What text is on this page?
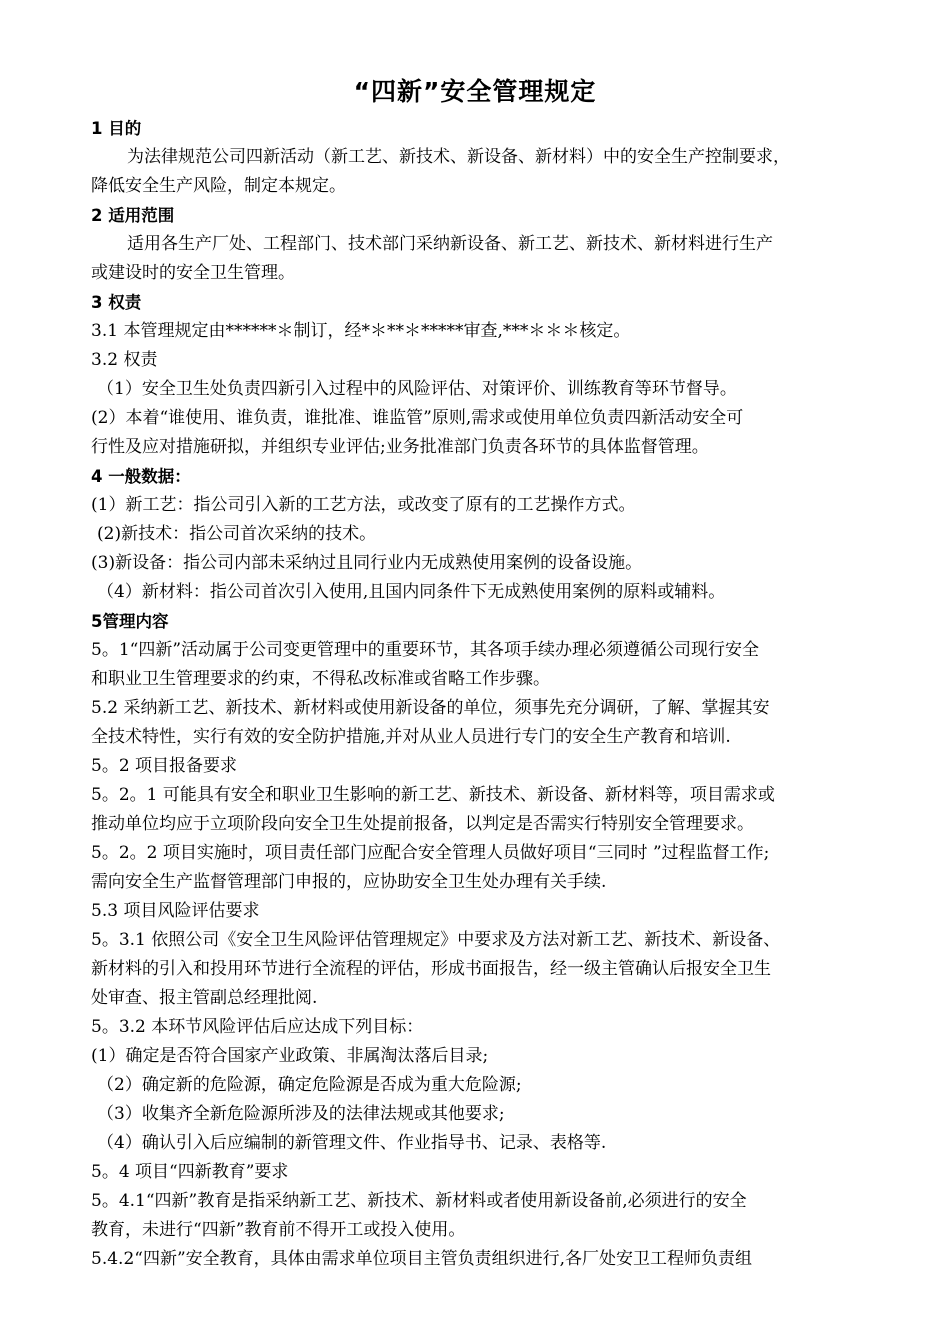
“四新”安全管理规定
1 目的
为法律规范公司四新活动（新工艺、新技术、新设备、新材料）中的安全生产控制要求，
降低安全生产风险，制定本规定。
2 适用范围
适用各生产厂处、工程部门、技术部门采纳新设备、新工艺、新技术、新材料进行生产
或建设时的安全卫生管理。
3 权责
3.1 本管理规定由******＊制订，经*＊**＊*****审查,***＊＊＊核定。
3.2 权责
（1）安全卫生处负责四新引入过程中的风险评估、对策评价、训练教育等环节督导。
(2）本着“谁使用、谁负责，谁批准、谁监管”原则,需求或使用单位负责四新活动安全可
行性及应对措施研拟，并组织专业评估;业务批准部门负责各环节的具体监督管理。
4 一般数据：
(1）新工艺：指公司引入新的工艺方法，或改变了原有的工艺操作方式。
(2)新技术：指公司首次采纳的技术。
(3)新设备：指公司内部未采纳过且同行业内无成熟使用案例的设备设施。
（4）新材料：指公司首次引入使用,且国内同条件下无成熟使用案例的原料或辅料。
5管理内容
5。1“四新”活动属于公司变更管理中的重要环节，其各项手续办理必须遵循公司现行安全
和职业卫生管理要求的约束，不得私改标准或省略工作步骤。
5.2 采纳新工艺、新技术、新材料或使用新设备的单位，须事先充分调研，了解、掌握其安
全技术特性，实行有效的安全防护措施,并对从业人员进行专门的安全生产教育和培训.
5。2 项目报备要求
5。2。1 可能具有安全和职业卫生影响的新工艺、新技术、新设备、新材料等，项目需求或
推动单位均应于立项阶段向安全卫生处提前报备，以判定是否需实行特别安全管理要求。
5。2。2 项目实施时，项目责任部门应配合安全管理人员做好项目“三同时 ”过程监督工作;
需向安全生产监督管理部门申报的，应协助安全卫生处办理有关手续.
5.3 项目风险评估要求
5。3.1 依照公司《安全卫生风险评估管理规定》中要求及方法对新工艺、新技术、新设备、
新材料的引入和投用环节进行全流程的评估，形成书面报告，经一级主管确认后报安全卫生
处审查、报主管副总经理批阅.
5。3.2 本环节风险评估后应达成下列目标：
(1）确定是否符合国家产业政策、非属淘汰落后目录;
（2）确定新的危险源，确定危险源是否成为重大危险源;
（3）收集齐全新危险源所涉及的法律法规或其他要求;
（4）确认引入后应编制的新管理文件、作业指导书、记录、表格等.
5。4 项目“四新教育”要求
5。4.1“四新”教育是指采纳新工艺、新技术、新材料或者使用新设备前,必须进行的安全
教育，未进行“四新”教育前不得开工或投入使用。
5.4.2“四新”安全教育，具体由需求单位项目主管负责组织进行,各厂处安卫工程师负责组
